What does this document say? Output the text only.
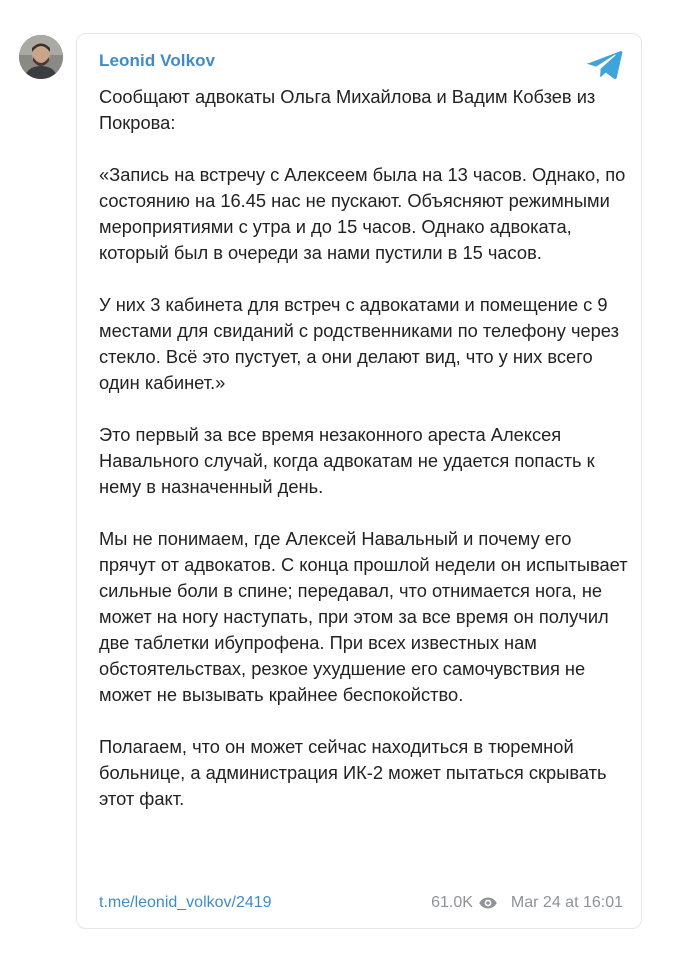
Leonid Volkov

Сообщают адвокаты Ольга Михайлова и Вадим Кобзев из Покрова:

«Запись на встречу с Алексеем была на 13 часов. Однако, по состоянию на 16.45 нас не пускают. Объясняют режимными мероприятиями с утра и до 15 часов. Однако адвоката, который был в очереди за нами пустили в 15 часов.

У них 3 кабинета для встреч с адвокатами и помещение с 9 местами для свиданий с родственниками по телефону через стекло. Всё это пустует, а они делают вид, что у них всего один кабинет.»

Это первый за все время незаконного ареста Алексея Навального случай, когда адвокатам не удается попасть к нему в назначенный день.

Мы не понимаем, где Алексей Навальный и почему его прячут от адвокатов. С конца прошлой недели он испытывает сильные боли в спине; передавал, что отнимается нога, не может на ногу наступать, при этом за все время он получил две таблетки ибупрофена. При всех известных нам обстоятельствах, резкое ухудшение его самочувствия не может не вызывать крайнее беспокойство.

Полагаем, что он может сейчас находиться в тюремной больнице, а администрация ИК-2 может пытаться скрывать этот факт.

t.me/leonid_volkov/2419	61.0K Mar 24 at 16:01
